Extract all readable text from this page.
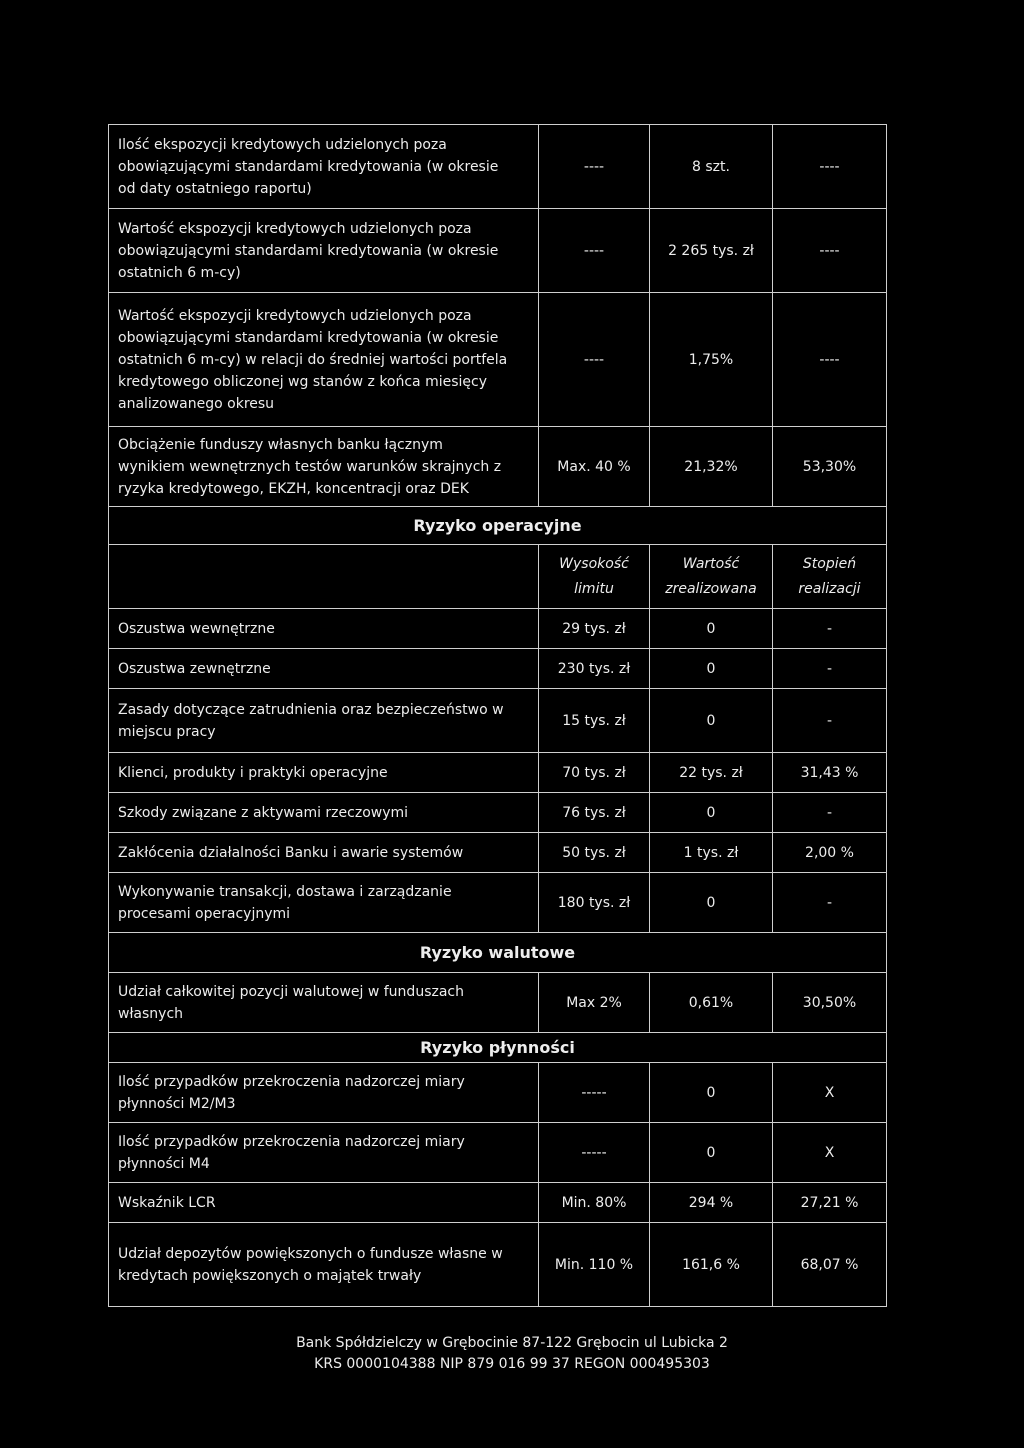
Ilość ekspozycji kredytowych udzielonych poza obowiązującymi standardami kredytowania (w okresie od daty ostatniego raportu)	----	8 szt.	----
Wartość ekspozycji kredytowych udzielonych poza obowiązującymi standardami kredytowania (w okresie ostatnich 6 m-cy)	----	2 265 tys. zł	----
Wartość ekspozycji kredytowych udzielonych poza obowiązującymi standardami kredytowania (w okresie ostatnich 6 m-cy) w relacji do średniej wartości portfela kredytowego obliczonej wg stanów z końca miesięcy analizowanego okresu	----	1,75%	----
Obciążenie funduszy własnych banku łącznym wynikiem wewnętrznych testów warunków skrajnych z ryzyka kredytowego, EKZH, koncentracji oraz DEK	Max. 40 %	21,32%	53,30%
Ryzyko operacyjne			
	Wysokość limitu	Wartość zrealizowana	Stopień realizacji
Oszustwa wewnętrzne	29 tys. zł	0	-
Oszustwa zewnętrzne	230 tys. zł	0	-
Zasady dotyczące zatrudnienia oraz bezpieczeństwo w miejscu pracy	15 tys. zł	0	-
Klienci, produkty i praktyki operacyjne	70 tys. zł	22 tys. zł	31,43 %
Szkody związane z aktywami rzeczowymi	76 tys. zł	0	-
Zakłócenia działalności Banku i awarie systemów	50 tys. zł	1 tys. zł	2,00 %
Wykonywanie transakcji, dostawa i zarządzanie procesami operacyjnymi	180 tys. zł	0	-
Ryzyko walutowe			
Udział całkowitej pozycji walutowej w funduszach własnych	Max 2%	0,61%	30,50%
Ryzyko płynności			
Ilość przypadków przekroczenia nadzorczej miary płynności M2/M3	-----	0	X
Ilość przypadków przekroczenia nadzorczej miary płynności M4	-----	0	X
Wskaźnik LCR	Min. 80%	294 %	27,21 %
Udział depozytów powiększonych o fundusze własne w kredytach powiększonych o majątek trwały	Min. 110 %	161,6 %	68,07 %
Bank Spółdzielczy w Grębocinie 87-122 Grębocin ul Lubicka 2
KRS 0000104388 NIP 879 016 99 37 REGON 000495303
